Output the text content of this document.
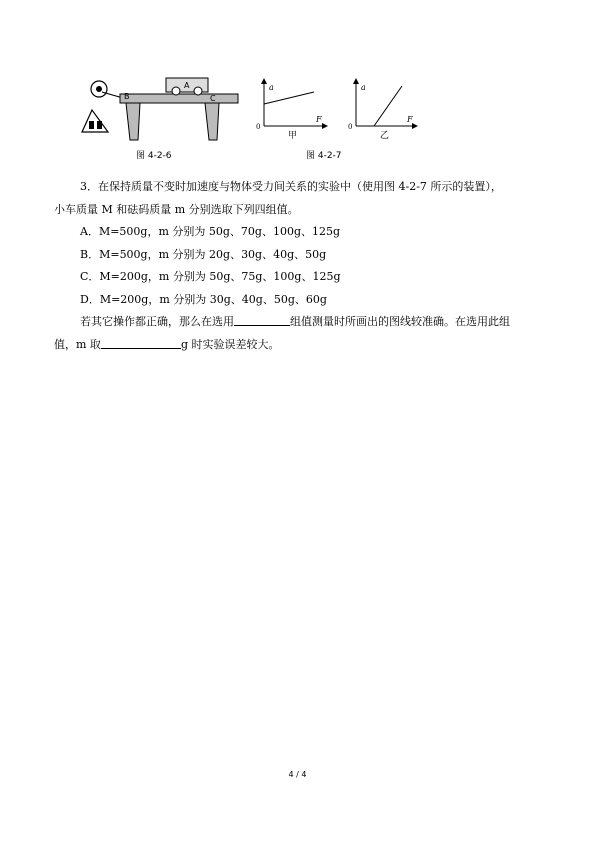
A
B	C
a
F
0
甲
a
F
0
乙
图 4-2-6	图 4-2-7
3．在保持质量不变时加速度与物体受力间关系的实验中（使用图 4-2-7 所示的装置），
小车质量 M 和砝码质量 m 分别选取下列四组值。
A．M=500g，m 分别为 50g、70g、100g、125g
B．M=500g，m 分别为 20g、30g、40g、50g
C．M=200g，m 分别为 50g、75g、100g、125g
D．M=200g，m 分别为 30g、40g、50g、60g
若其它操作都正确，那么在选用	组值测量时所画出的图线较准确。在选用此组
值，m 取	g 时实验误差较大。
4 / 4
